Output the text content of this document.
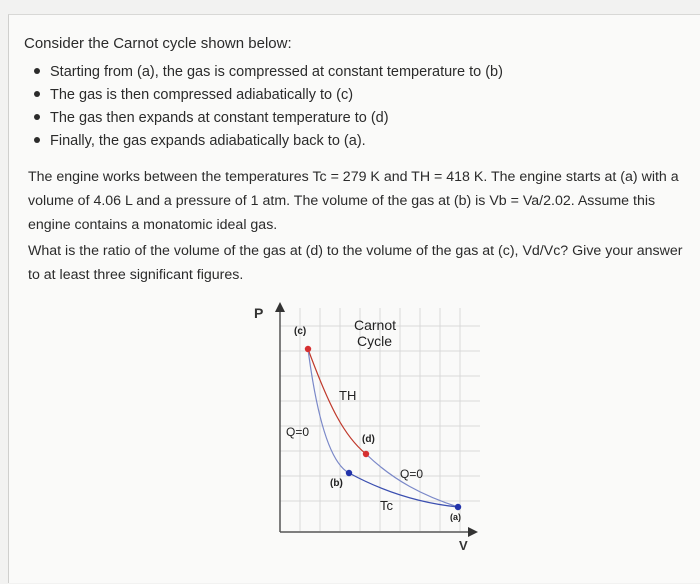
Consider the Carnot cycle shown below:
Starting from (a), the gas is compressed at constant temperature to (b)
The gas is then compressed adiabatically to (c)
The gas then expands at constant temperature to (d)
Finally, the gas expands adiabatically back to (a).
The engine works between the temperatures Tc = 279 K and TH = 418 K. The engine starts at (a) with a
volume of 4.06 L and a pressure of 1 atm. The volume of the gas at (b) is Vb = Va/2.02. Assume this
engine contains a monatomic ideal gas.
What is the ratio of the volume of the gas at (d) to the volume of the gas at (c), Vd/Vc? Give your answer
to at least three significant figures.
P
V
(c)
(d)
(b)
(a)
Carnot
Cycle
TH
Tc
Q=0
Q=0
